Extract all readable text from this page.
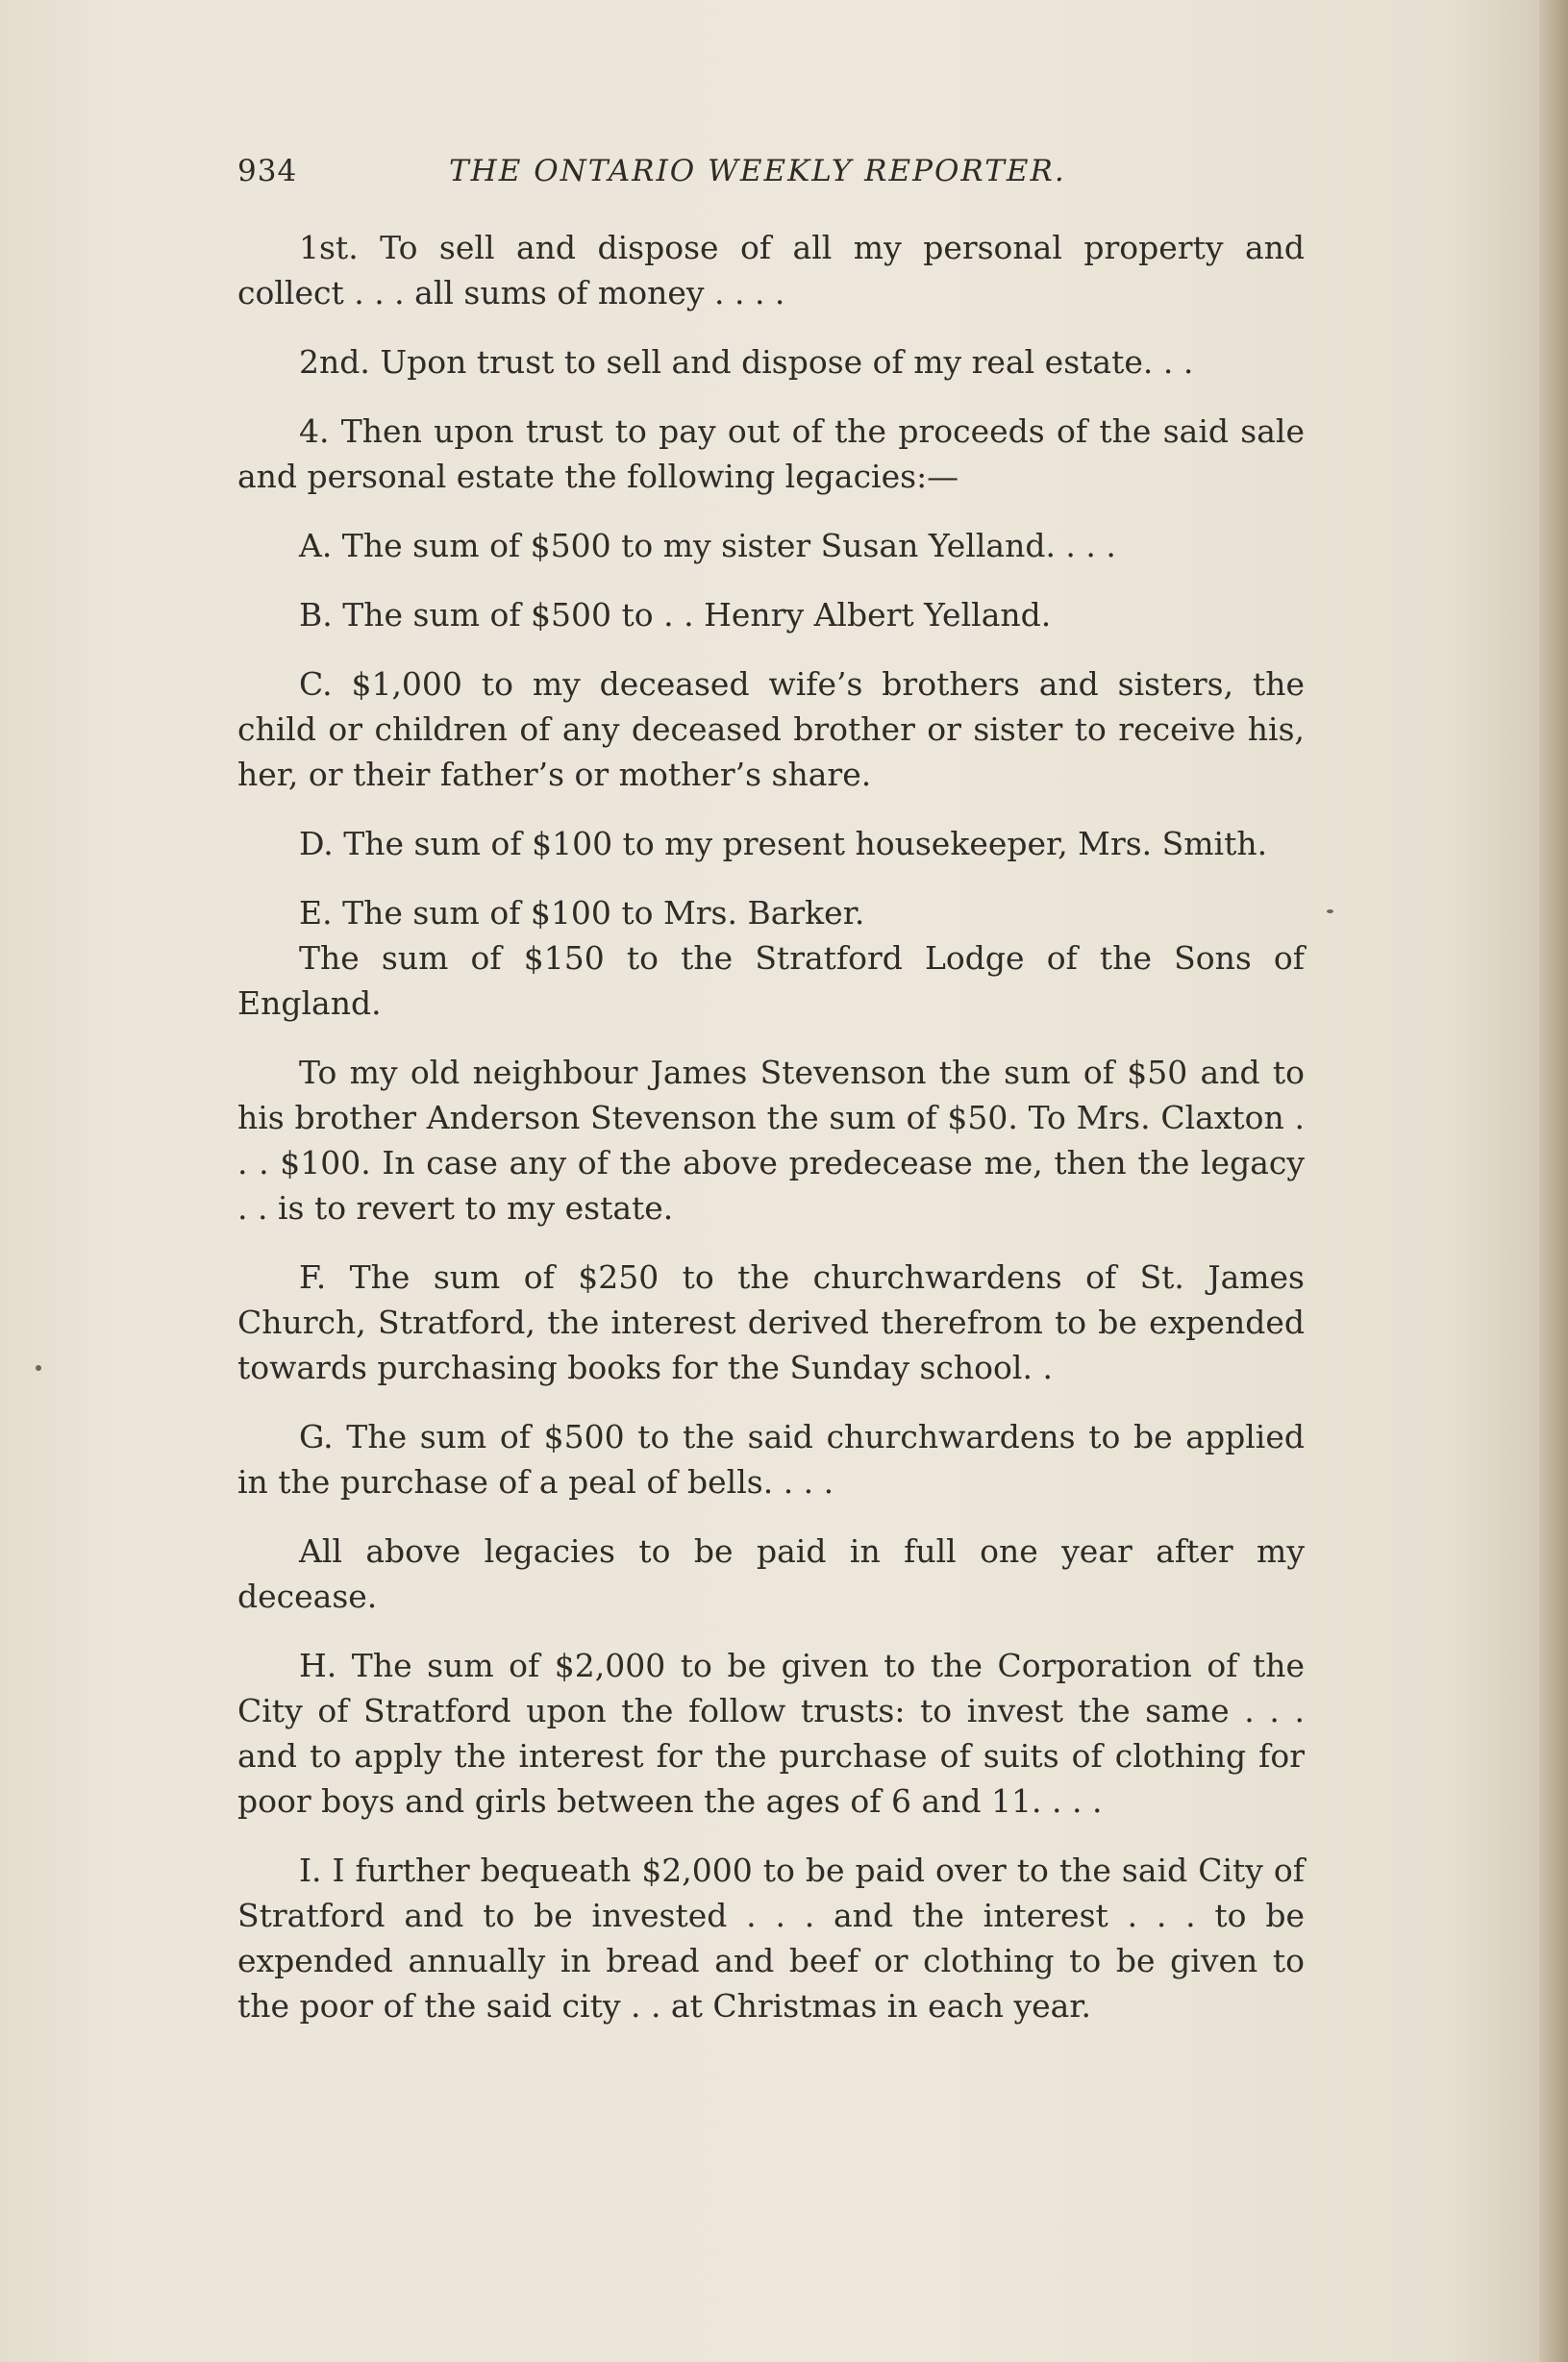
934	THE ONTARIO WEEKLY REPORTER.

1st. To sell and dispose of all my personal property and collect . . . all sums of money . . . .

2nd. Upon trust to sell and dispose of my real estate. . .

4. Then upon trust to pay out of the proceeds of the said sale and personal estate the following legacies:—

A. The sum of $500 to my sister Susan Yelland. . . .

B. The sum of $500 to . . Henry Albert Yelland.

C. $1,000 to my deceased wife’s brothers and sisters, the child or children of any deceased brother or sister to receive his, her, or their father’s or mother’s share.

D. The sum of $100 to my present housekeeper, Mrs. Smith.

E. The sum of $100 to Mrs. Barker.

The sum of $150 to the Stratford Lodge of the Sons of England.

To my old neighbour James Stevenson the sum of $50 and to his brother Anderson Stevenson the sum of $50. To Mrs. Claxton . . . $100. In case any of the above predecease me, then the legacy . . is to revert to my estate.

F. The sum of $250 to the churchwardens of St. James Church, Stratford, the interest derived therefrom to be expended towards purchasing books for the Sunday school. .

G. The sum of $500 to the said churchwardens to be applied in the purchase of a peal of bells. . . .

All above legacies to be paid in full one year after my decease.

H. The sum of $2,000 to be given to the Corporation of the City of Stratford upon the follow trusts: to invest the same . . . and to apply the interest for the purchase of suits of clothing for poor boys and girls between the ages of 6 and 11. . . .

I. I further bequeath $2,000 to be paid over to the said City of Stratford and to be invested . . . and the interest . . . to be expended annually in bread and beef or clothing to be given to the poor of the said city . . at Christmas in each year.
